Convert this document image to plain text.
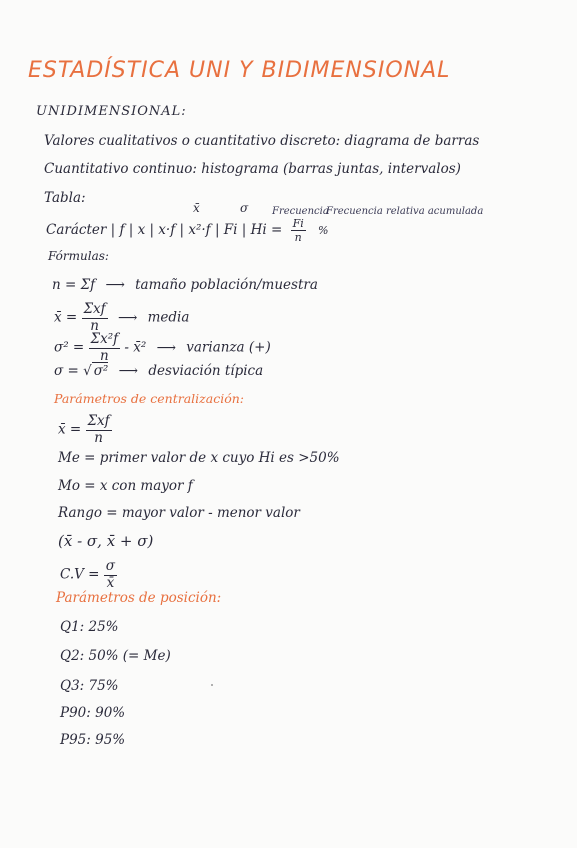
ESTADÍSTICA UNI Y BIDIMENSIONAL
UNIDIMENSIONAL:
Valores cualitativos o cuantitativo discreto: diagrama de barras
Cuantitativo continuo: histograma (barras juntas, intervalos)
Tabla:
x̄	σ Frecuencia
Frecuencia relativa acumulada
Carácter | f | x | x·f | x²·f | Fi | $Hi = \frac{Fi}{n}$ %
Fórmulas:
n = Σf ⟶ tamaño población/muestra
x̄ = $\frac{\text{Σxf}}{n}$ ⟶ media
$\sigma^2 = \frac{\text{Σx²f}}{n}$ - x̄² ⟶ varianza (+)
σ = √ σ² ⟶ desviación típica
Parámetros de centralización:
x̄ = $\frac{\text{Σxf}}{n}$
Me = primer valor de x cuyo Hi es >50%
Mo = x con mayor f
Rango = mayor valor - menor valor
(x̄ - σ, x̄ + σ)
$C.V = \frac{\sigma}{x̄}$
Parámetros de posición:
Q1: 25%
Q2: 50% (= Me)
Q3: 75%
P90: 90%
P95: 95%
